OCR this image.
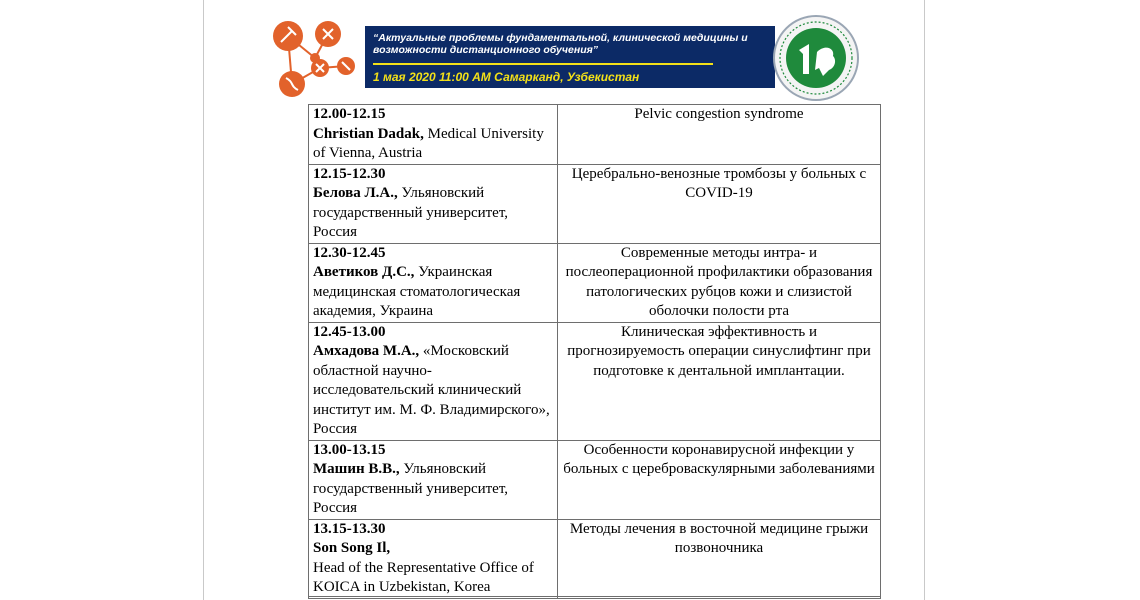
“Актуальные проблемы фундаментальной, клинической медицины и возможности дистанционного обучения”
1 мая 2020 11:00 AM Самарканд, Узбекистан
12.00-12.15
Christian Dadak, Medical University of Vienna, Austria	Pelvic congestion syndrome

12.15-12.30
Белова Л.А., Ульяновский государственный университет, Россия	Церебрально-венозные тромбозы у больных с COVID-19

12.30-12.45
Аветиков Д.С., Украинская медицинская стоматологическая академия, Украина	Современные методы интра- и послеоперационной профилактики образования патологических рубцов кожи и слизистой оболочки полости рта

12.45-13.00
Амхадова М.А., «Московский областной научно-исследовательский клинический институт им. М. Ф. Владимирского», Россия	Клиническая эффективность и прогнозируемость операции синуслифтинг при подготовке к дентальной имплантации.

13.00-13.15
Машин В.В., Ульяновский государственный университет, Россия	Особенности коронавирусной инфекции у больных с цереброваскулярными заболеваниями

13.15-13.30
Son Song Il,
Head of the Representative Office of KOICA in Uzbekistan, Korea	Методы лечения в восточной медицине грыжи позвоночника
